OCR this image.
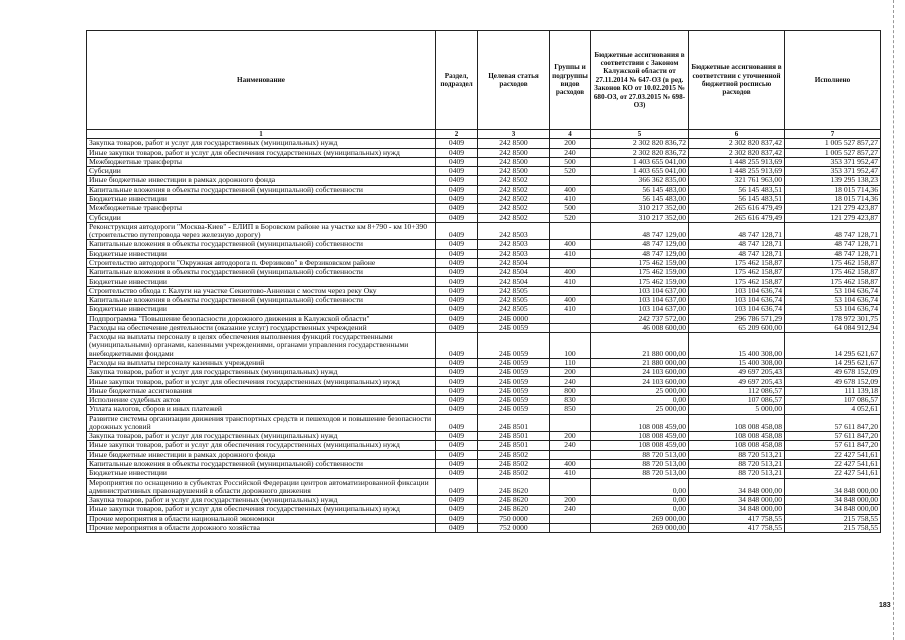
Наименование	Раздел, подраздел	Целевая статья расходов	Группы и подгруппы видов расходов	Бюджетные ассигнования в соответствии с Законом Калужской области от 27.11.2014 № 647-ОЗ (в ред. Законов КО от 10.02.2015 № 680-ОЗ, от 27.03.2015 № 698-ОЗ)	Бюджетные ассигнования в соответствии с уточненной бюджетной росписью расходов	Исполнено
1	2	3	4	5	6	7
Закупка товаров, работ и услуг для государственных (муниципальных) нужд	0409	242 8500	200	2 302 820 836,72	2 302 820 837,42	1 005 527 857,27
Иные закупки товаров, работ и услуг для обеспечения государственных (муниципальных) нужд	0409	242 8500	240	2 302 820 836,72	2 302 820 837,42	1 005 527 857,27
Межбюджетные трансферты	0409	242 8500	500	1 403 655 041,00	1 448 255 913,69	353 371 952,47
Субсидии	0409	242 8500	520	1 403 655 041,00	1 448 255 913,69	353 371 952,47
Иные бюджетные инвестиции в рамках дорожного фонда	0409	242 8502		366 362 835,00	321 761 963,00	139 295 138,23
Капитальные вложения в объекты государственной (муниципальной) собственности	0409	242 8502	400	56 145 483,00	56 145 483,51	18 015 714,36
Бюджетные инвестиции	0409	242 8502	410	56 145 483,00	56 145 483,51	18 015 714,36
Межбюджетные трансферты	0409	242 8502	500	310 217 352,00	265 616 479,49	121 279 423,87
Субсидии	0409	242 8502	520	310 217 352,00	265 616 479,49	121 279 423,87
Реконструкция автодороги "Москва-Киев" - ЕЛИП в Боровском районе на участке км 8+790 - км 10+390 (строительство путепровода через железную дорогу)	0409	242 8503		48 747 129,00	48 747 128,71	48 747 128,71
Капитальные вложения в объекты государственной (муниципальной) собственности	0409	242 8503	400	48 747 129,00	48 747 128,71	48 747 128,71
Бюджетные инвестиции	0409	242 8503	410	48 747 129,00	48 747 128,71	48 747 128,71
Строительство автодороги "Окружная автодорога п. Ферзиково" в Ферзиковском районе	0409	242 8504		175 462 159,00	175 462 158,87	175 462 158,87
Капитальные вложения в объекты государственной (муниципальной) собственности	0409	242 8504	400	175 462 159,00	175 462 158,87	175 462 158,87
Бюджетные инвестиции	0409	242 8504	410	175 462 159,00	175 462 158,87	175 462 158,87
Строительство обхода г. Калуги на участке Секиотово-Анненки с мостом через реку Оку	0409	242 8505		103 104 637,00	103 104 636,74	53 104 636,74
Капитальные вложения в объекты государственной (муниципальной) собственности	0409	242 8505	400	103 104 637,00	103 104 636,74	53 104 636,74
Бюджетные инвестиции	0409	242 8505	410	103 104 637,00	103 104 636,74	53 104 636,74
Подпрограмма "Повышение безопасности дорожного движения в Калужской области"	0409	24Б 0000		242 737 572,00	296 786 571,29	178 972 301,75
Расходы на обеспечение деятельности (оказание услуг) государственных учреждений	0409	24Б 0059		46 008 600,00	65 209 600,00	64 084 912,94
Расходы на выплаты персоналу в целях обеспечения выполнения функций государственными (муниципальными) органами, казенными учреждениями, органами управления государственными внебюджетными фондами	0409	24Б 0059	100	21 880 000,00	15 400 308,00	14 295 621,67
Расходы на выплаты персоналу казенных учреждений	0409	24Б 0059	110	21 880 000,00	15 400 308,00	14 295 621,67
Закупка товаров, работ и услуг для государственных (муниципальных) нужд	0409	24Б 0059	200	24 103 600,00	49 697 205,43	49 678 152,09
Иные закупки товаров, работ и услуг для обеспечения государственных (муниципальных) нужд	0409	24Б 0059	240	24 103 600,00	49 697 205,43	49 678 152,09
Иные бюджетные ассигнования	0409	24Б 0059	800	25 000,00	112 086,57	111 139,18
Исполнение судебных актов	0409	24Б 0059	830	0,00	107 086,57	107 086,57
Уплата налогов, сборов и иных платежей	0409	24Б 0059	850	25 000,00	5 000,00	4 052,61
Развитие системы организации движения транспортных средств и пешеходов и повышение безопасности дорожных условий	0409	24Б 8501		108 008 459,00	108 008 458,08	57 611 847,20
Закупка товаров, работ и услуг для государственных (муниципальных) нужд	0409	24Б 8501	200	108 008 459,00	108 008 458,08	57 611 847,20
Иные закупки товаров, работ и услуг для обеспечения государственных (муниципальных) нужд	0409	24Б 8501	240	108 008 459,00	108 008 458,08	57 611 847,20
Иные бюджетные инвестиции в рамках дорожного фонда	0409	24Б 8502		88 720 513,00	88 720 513,21	22 427 541,61
Капитальные вложения в объекты государственной (муниципальной) собственности	0409	24Б 8502	400	88 720 513,00	88 720 513,21	22 427 541,61
Бюджетные инвестиции	0409	24Б 8502	410	88 720 513,00	88 720 513,21	22 427 541,61
Мероприятия по оснащению в субъектах Российской Федерации центров автоматизированной фиксации административных правонарушений в области дорожного движения	0409	24Б 8620		0,00	34 848 000,00	34 848 000,00
Закупка товаров, работ и услуг для государственных (муниципальных) нужд	0409	24Б 8620	200	0,00	34 848 000,00	34 848 000,00
Иные закупки товаров, работ и услуг для обеспечения государственных (муниципальных) нужд	0409	24Б 8620	240	0,00	34 848 000,00	34 848 000,00
Прочие мероприятия в области национальной экономики	0409	750 0000		269 000,00	417 758,55	215 758,55
Прочие мероприятия в области дорожного хозяйства	0409	752 0000		269 000,00	417 758,55	215 758,55
183
